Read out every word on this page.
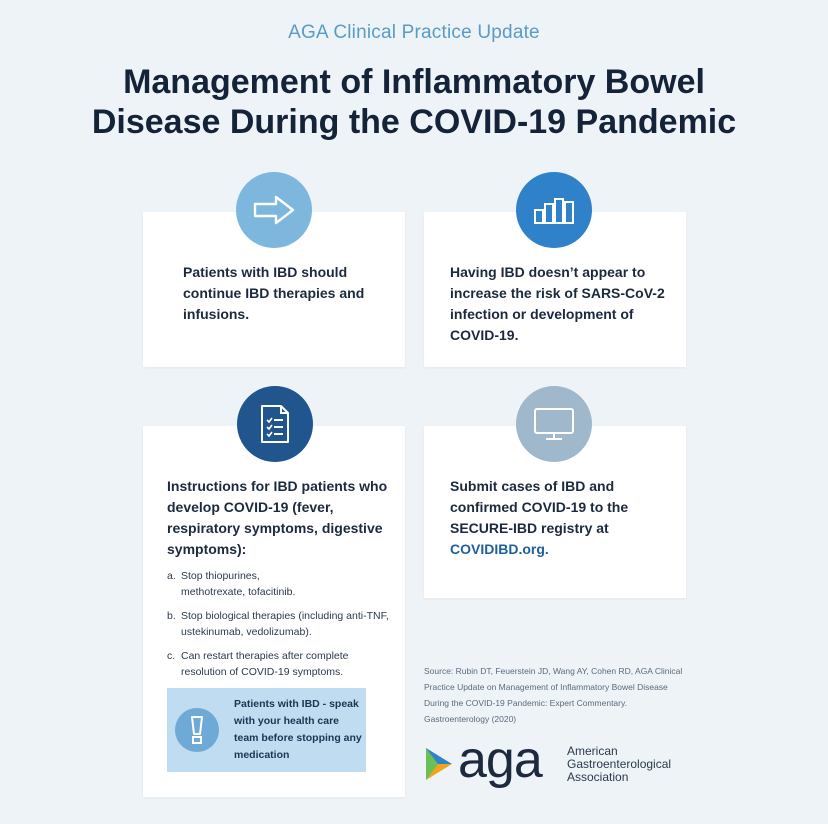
AGA Clinical Practice Update
Management of Inflammatory Bowel
Disease During the COVID-19 Pandemic
Patients with IBD should continue IBD therapies and infusions.
Having IBD doesn’t appear to increase the risk of SARS-CoV-2 infection or development of COVID-19.
Instructions for IBD patients who develop COVID-19 (fever, respiratory symptoms, digestive symptoms):
a. Stop thiopurines, methotrexate, tofacitinib.
b. Stop biological therapies (including anti-TNF, ustekinumab, vedolizumab).
c. Can restart therapies after complete resolution of COVID-19 symptoms.
Patients with IBD - speak with your health care team before stopping any medication
Submit cases of IBD and confirmed COVID-19 to the SECURE-IBD registry at COVIDIBD.org.
Source: Rubin DT, Feuerstein JD, Wang AY, Cohen RD, AGA Clinical Practice Update on Management of Inflammatory Bowel Disease During the COVID-19 Pandemic: Expert Commentary. Gastroenterology (2020)
aga American
Gastroenterological
Association
